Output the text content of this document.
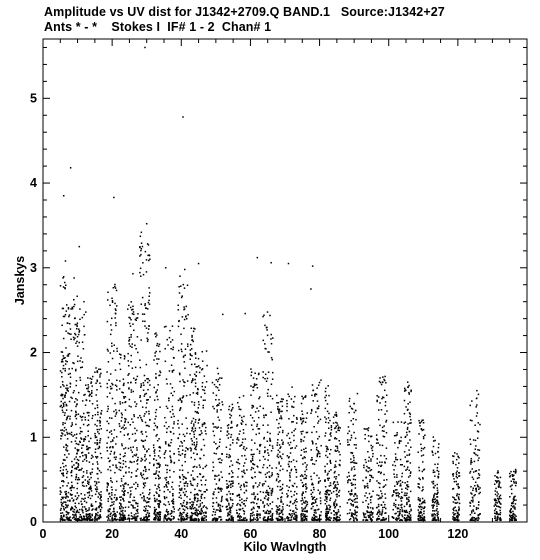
Amplitude vs UV dist for J1342+2709.Q BAND.1   Source:J1342+27
Ants * - *    Stokes I  IF# 1 - 2  Chan# 1
0	20	40	60	80	100	120
0
1
2
3
4
5
Kilo Wavlngth
Janskys
